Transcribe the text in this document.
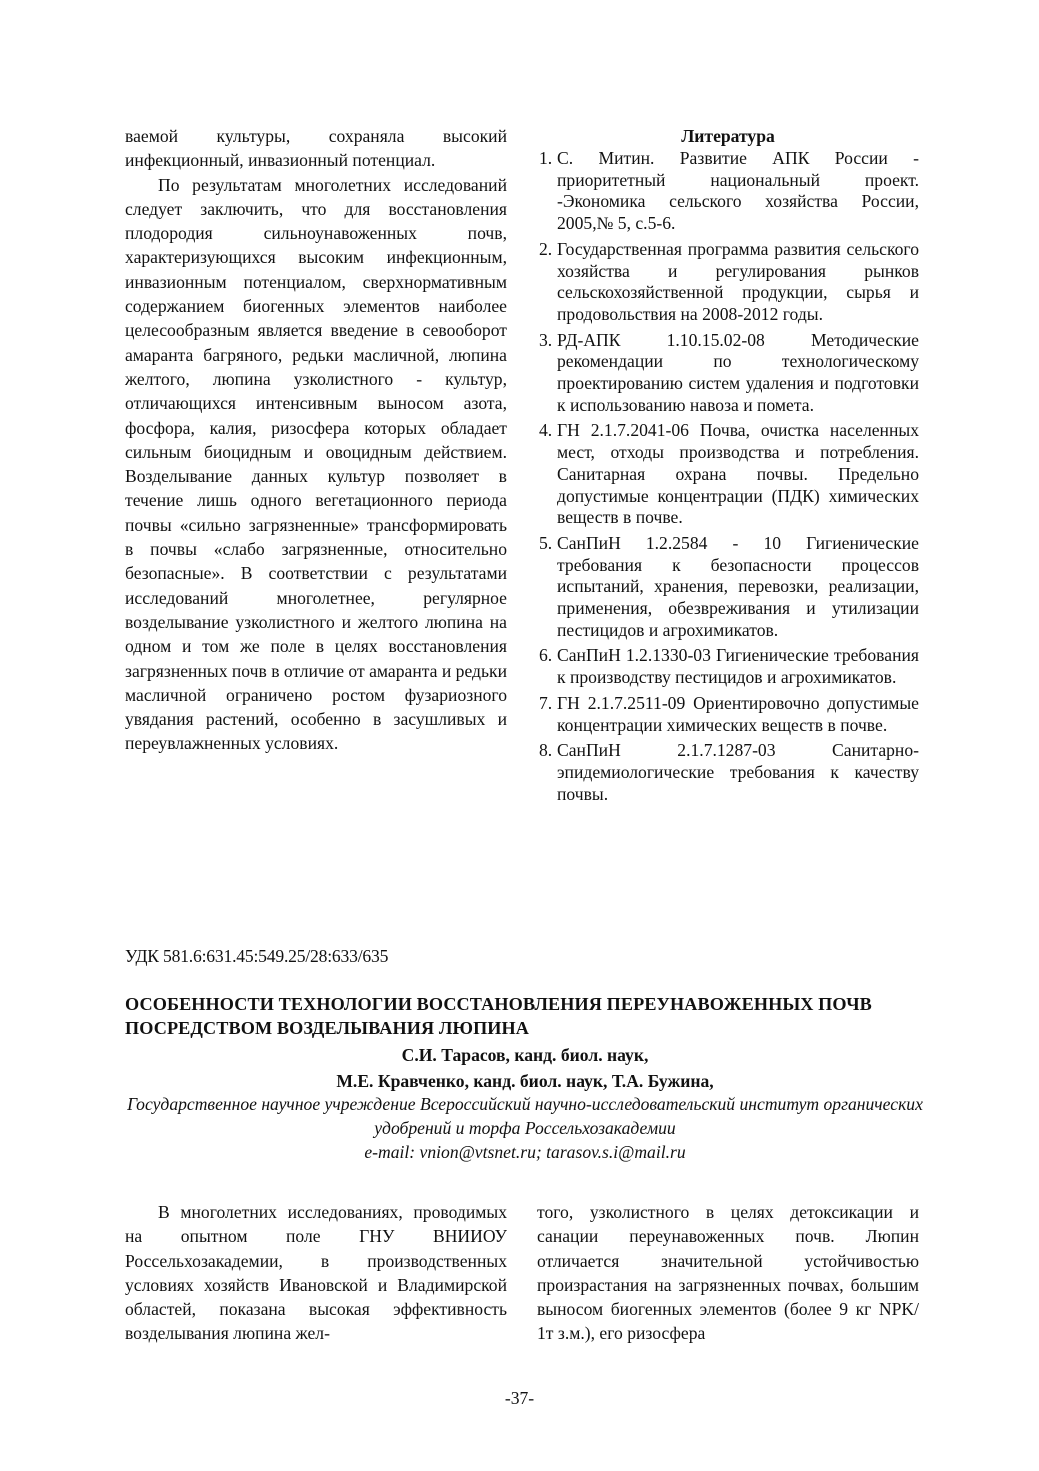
ваемой культуры, сохраняла высокий инфекционный, инвазионный потенциал.

По результатам многолетних исследований следует заключить, что для восстановления плодородия сильноунавоженных почв, характеризующихся высоким инфекционным, инвазионным потенциалом, сверхнормативным содержанием биогенных элементов наиболее целесообразным является введение в севооборот амаранта багряного, редьки масличной, люпина желтого, люпина узколистного - культур, отличающихся интенсивным выносом азота, фосфора, калия, ризосфера которых обладает сильным биоцидным и овоцидным действием. Возделывание данных культур позволяет в течение лишь одного вегетационного периода почвы «сильно загрязненные» трансформировать в почвы «слабо загрязненные, относительно безопасные». В соответствии с результатами исследований многолетнее, регулярное возделывание узколистного и желтого люпина на одном и том же поле в целях восстановления загрязненных почв в отличие от амаранта и редьки масличной ограничено ростом фузариозного увядания растений, особенно в засушливых и переувлажненных условиях.

Литература

1. С. Митин. Развитие АПК России - приоритетный национальный проект. -Экономика сельского хозяйства России, 2005,№ 5, с.5-6.
2. Государственная программа развития сельского хозяйства и регулирования рынков сельскохозяйственной продукции, сырья и продовольствия на 2008-2012 годы.
3. РД-АПК 1.10.15.02-08 Методические рекомендации по технологическому проектированию систем удаления и подготовки к использованию навоза и помета.
4. ГН 2.1.7.2041-06 Почва, очистка населенных мест, отходы производства и потребления. Санитарная охрана почвы. Предельно допустимые концентрации (ПДК) химических веществ в почве.
5. СанПиН 1.2.2584 - 10 Гигиенические требования к безопасности процессов испытаний, хранения, перевозки, реализации, применения, обезвреживания и утилизации пестицидов и агрохимикатов.
6. СанПиН 1.2.1330-03 Гигиенические требования к производству пестицидов и агрохимикатов.
7. ГН 2.1.7.2511-09 Ориентировочно допустимые концентрации химических веществ в почве.
8. СанПиН 2.1.7.1287-03 Санитарно-эпидемиологические требования к качеству почвы.
УДК 581.6:631.45:549.25/28:633/635
ОСОБЕННОСТИ ТЕХНОЛОГИИ ВОССТАНОВЛЕНИЯ ПЕРЕУНАВОЖЕННЫХ ПОЧВ ПОСРЕДСТВОМ ВОЗДЕЛЫВАНИЯ ЛЮПИНА
С.И. Тарасов, канд. биол. наук,
М.Е. Кравченко, канд. биол. наук, Т.А. Бужина,
Государственное научное учреждение Всероссийский научно-исследовательский институт органических удобрений и торфа Россельхозакадемии
e-mail: vnion@vtsnet.ru; tarasov.s.i@mail.ru

В многолетних исследованиях, проводимых на опытном поле ГНУ ВНИИОУ Россельхозакадемии, в производственных условиях хозяйств Ивановской и Владимирской областей, показана высокая эффективность возделывания люпина жел-

того, узколистного в целях детоксикации и санации переунавоженных почв. Люпин отличается значительной устойчивостью произрастания на загрязненных почвах, большим выносом биогенных элементов (более 9 кг NPK/ 1т з.м.), его ризосфера

-37-
